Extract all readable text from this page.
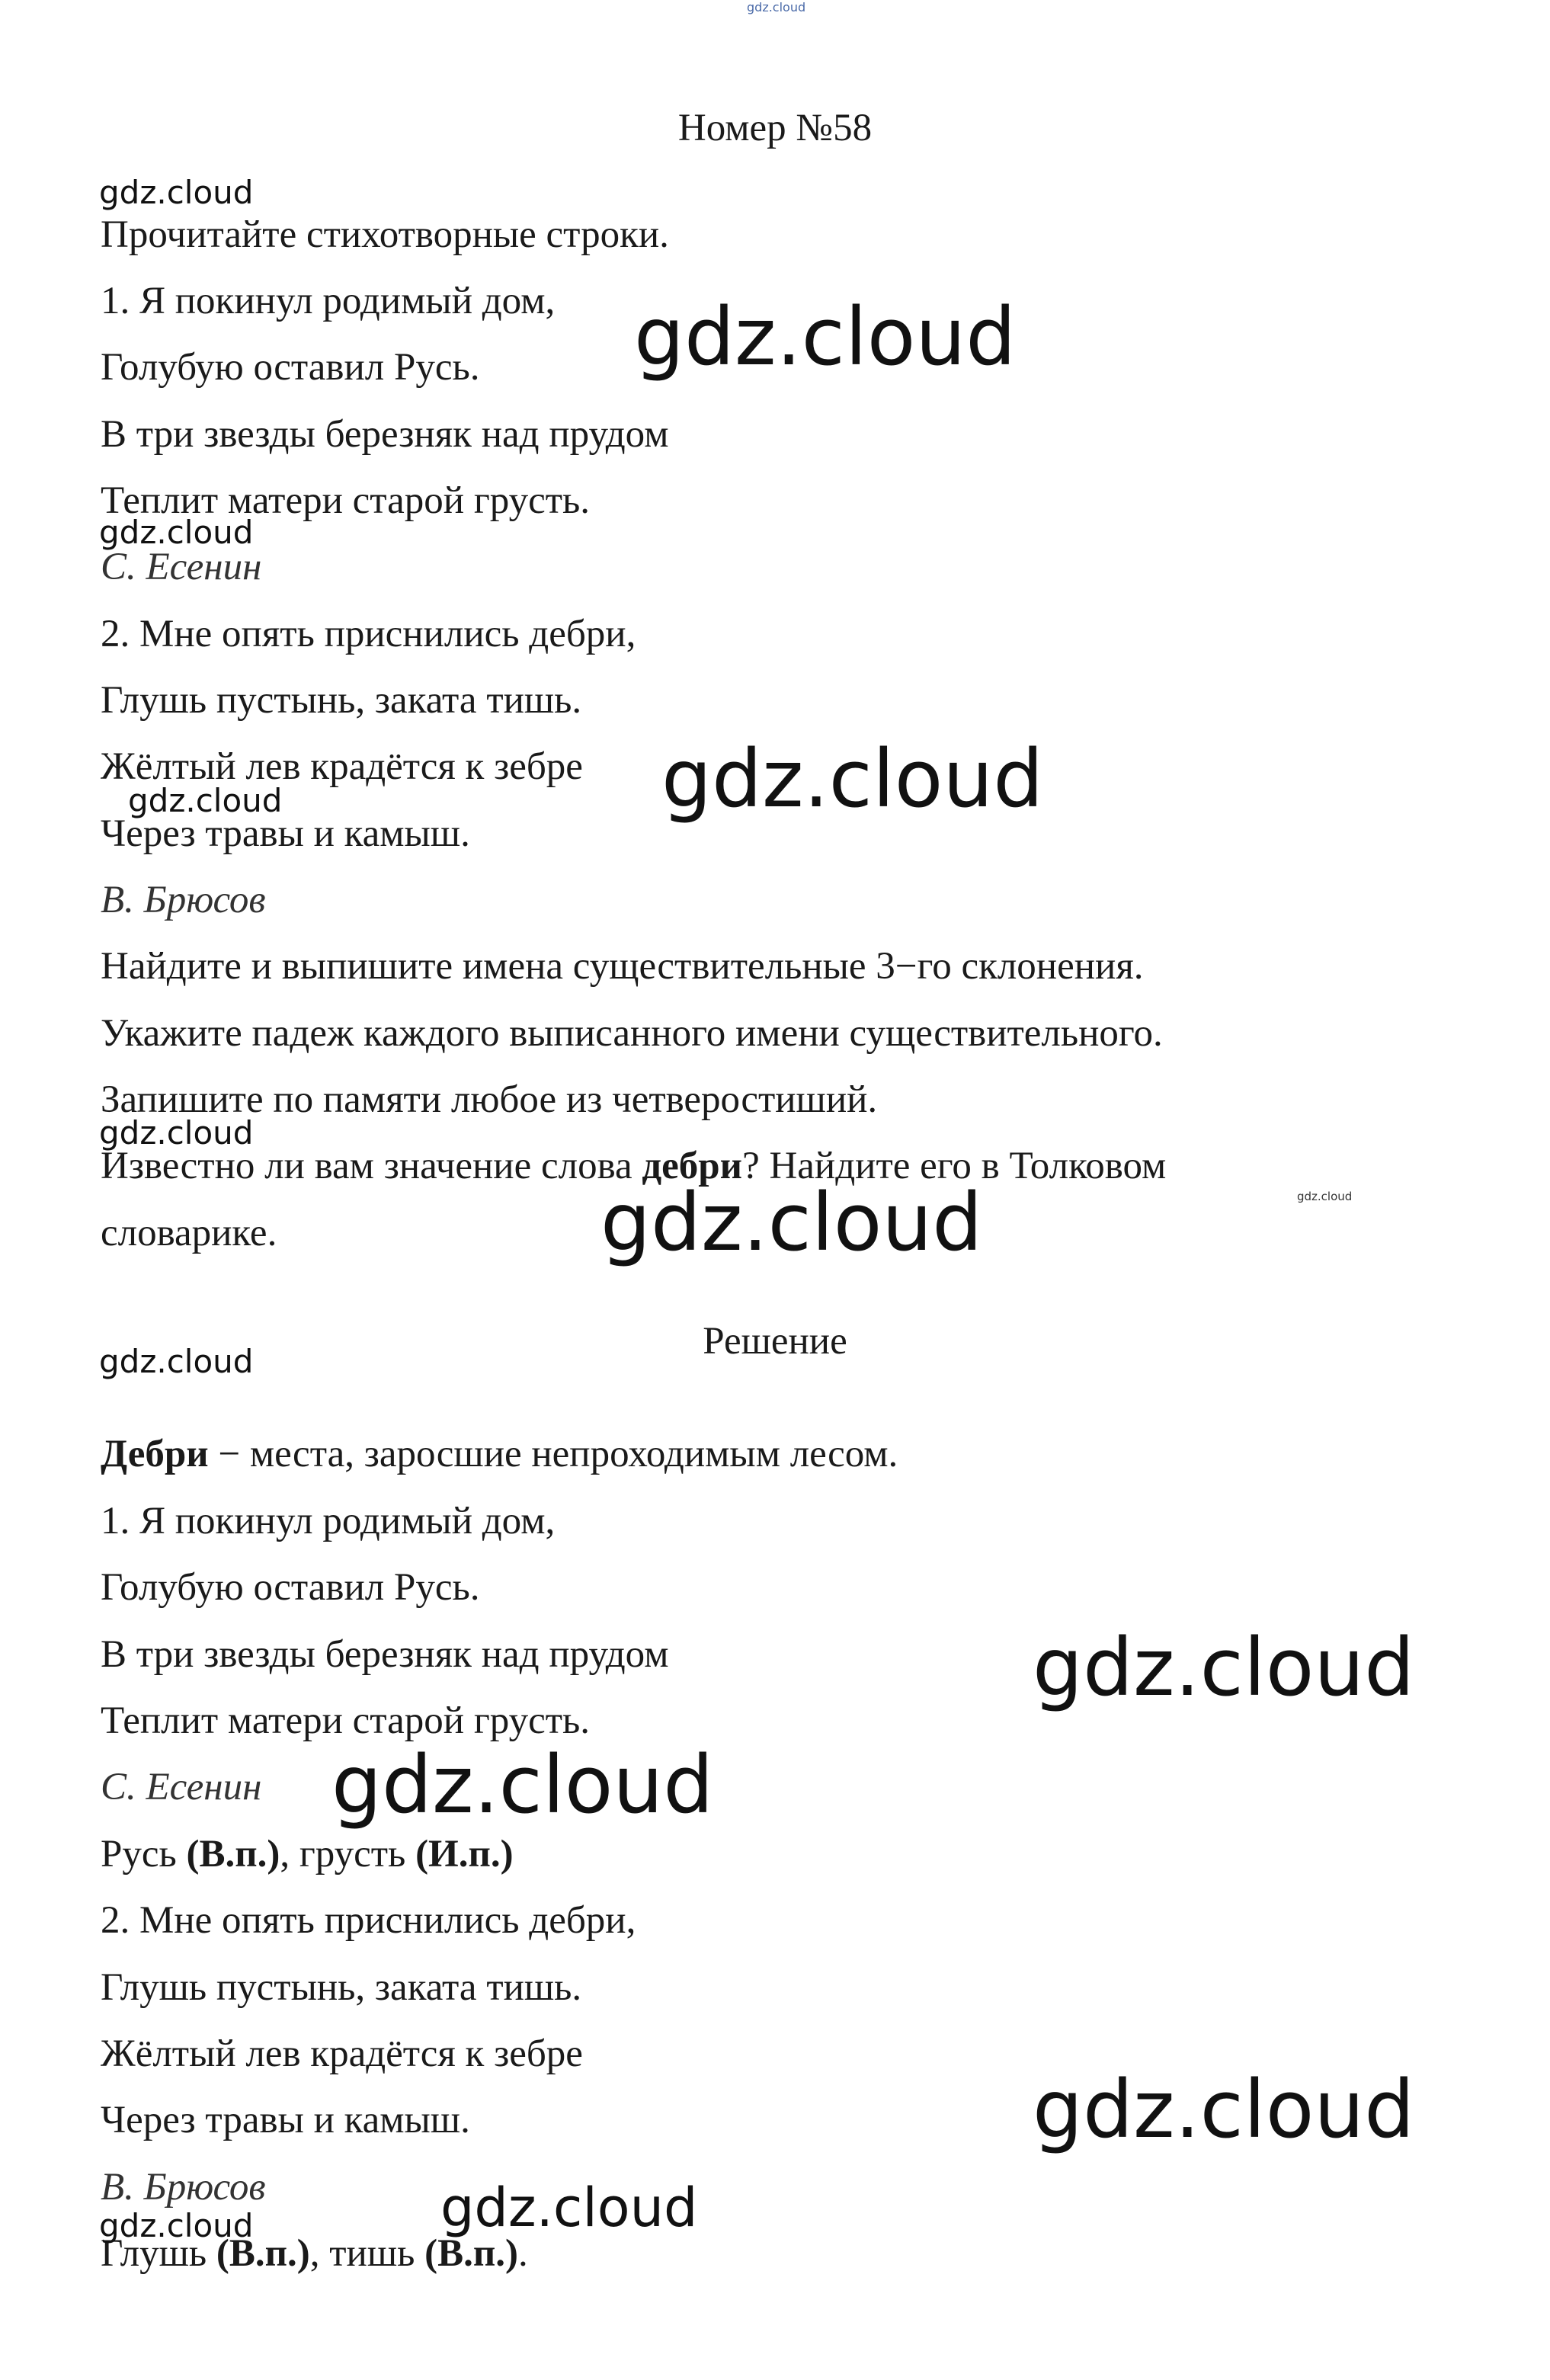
Номер №58
Прочитайте стихотворные строки.
1. Я покинул родимый дом,
Голубую оставил Русь.
В три звезды березняк над прудом
Теплит матери старой грусть.
С. Есенин
2. Мне опять приснились дебри,
Глушь пустынь, заката тишь.
Жёлтый лев крадётся к зебре
Через травы и камыш.
В. Брюсов
Найдите и выпишите имена существительные 3−го склонения.
Укажите падеж каждого выписанного имени существительного.
Запишите по памяти любое из четверостиший.
Известно ли вам значение слова дебри? Найдите его в Толковом
словарике.
Решение
Дебри − места, заросшие непроходимым лесом.
1. Я покинул родимый дом,
Голубую оставил Русь.
В три звезды березняк над прудом
Теплит матери старой грусть.
С. Есенин
Русь (В.п.), грусть (И.п.)
2. Мне опять приснились дебри,
Глушь пустынь, заката тишь.
Жёлтый лев крадётся к зебре
Через травы и камыш.
В. Брюсов
Глушь (В.п.), тишь (В.п.).
gdz.cloud
gdz.cloud
gdz.cloud
gdz.cloud
gdz.cloud
gdz.cloud
gdz.cloud
gdz.cloud
gdz.cloud
gdz.cloud
gdz.cloud
gdz.cloud
gdz.cloud
gdz.cloud	gdz.cloud
